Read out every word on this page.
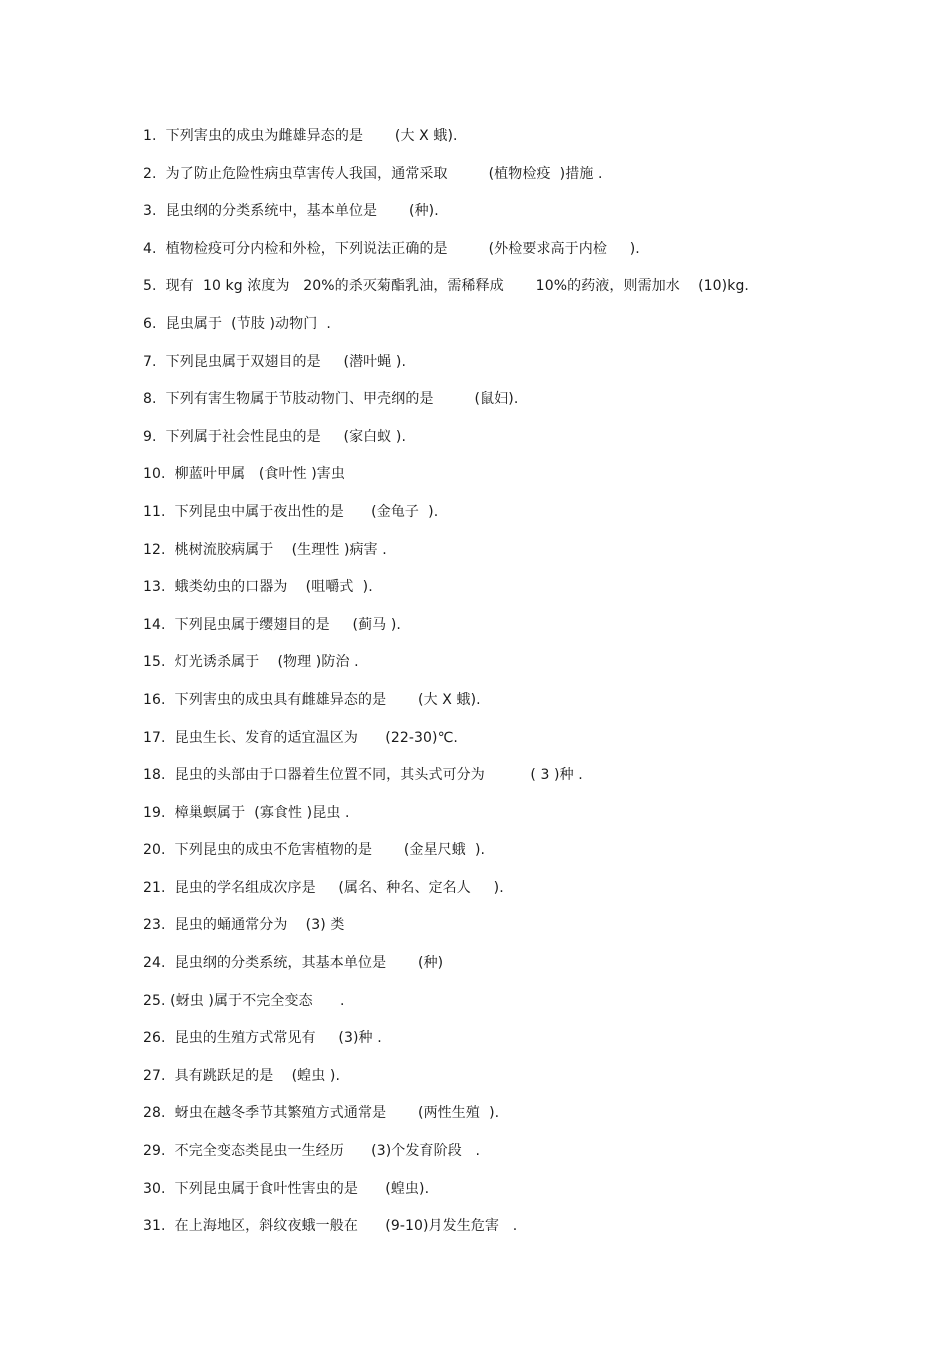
1.  下列害虫的成虫为雌雄异态的是       (大 X 蛾).
2.  为了防止危险性病虫草害传人我国，通常采取         (植物检疫  )措施 .
3.  昆虫纲的分类系统中，基本单位是       (种).
4.  植物检疫可分内检和外检，下列说法正确的是         (外检要求高于内检     ).
5.  现有  10 kg 浓度为   20%的杀灭菊酯乳油，需稀释成       10%的药液，则需加水    (10)kg.
6.  昆虫属于  (节肢 )动物门  .
7.  下列昆虫属于双翅目的是     (潜叶蝇 ).
8.  下列有害生物属于节肢动物门、甲壳纲的是         (鼠妇).
9.  下列属于社会性昆虫的是     (家白蚁 ).
10.  柳蓝叶甲属   (食叶性 )害虫
11.  下列昆虫中属于夜出性的是      (金龟子  ).
12.  桃树流胶病属于    (生理性 )病害 .
13.  蛾类幼虫的口器为    (咀嚼式  ).
14.  下列昆虫属于缨翅目的是     (蓟马 ).
15.  灯光诱杀属于    (物理 )防治 .
16.  下列害虫的成虫具有雌雄异态的是       (大 X 蛾).
17.  昆虫生长、发育的适宜温区为      (22-30)℃.
18.  昆虫的头部由于口器着生位置不同，其头式可分为          ( 3 )种 .
19.  樟巢螟属于  (寡食性 )昆虫 .
20.  下列昆虫的成虫不危害植物的是       (金星尺蛾  ).
21.  昆虫的学名组成次序是     (属名、种名、定名人     ).
23.  昆虫的蛹通常分为    (3) 类
24.  昆虫纲的分类系统，其基本单位是       (种)
25. (蚜虫 )属于不完全变态      .
26.  昆虫的生殖方式常见有     (3)种 .
27.  具有跳跃足的是    (蝗虫 ).
28.  蚜虫在越冬季节其繁殖方式通常是       (两性生殖  ).
29.  不完全变态类昆虫一生经历      (3)个发育阶段   .
30.  下列昆虫属于食叶性害虫的是      (蝗虫).
31.  在上海地区，斜纹夜蛾一般在      (9-10)月发生危害   .
